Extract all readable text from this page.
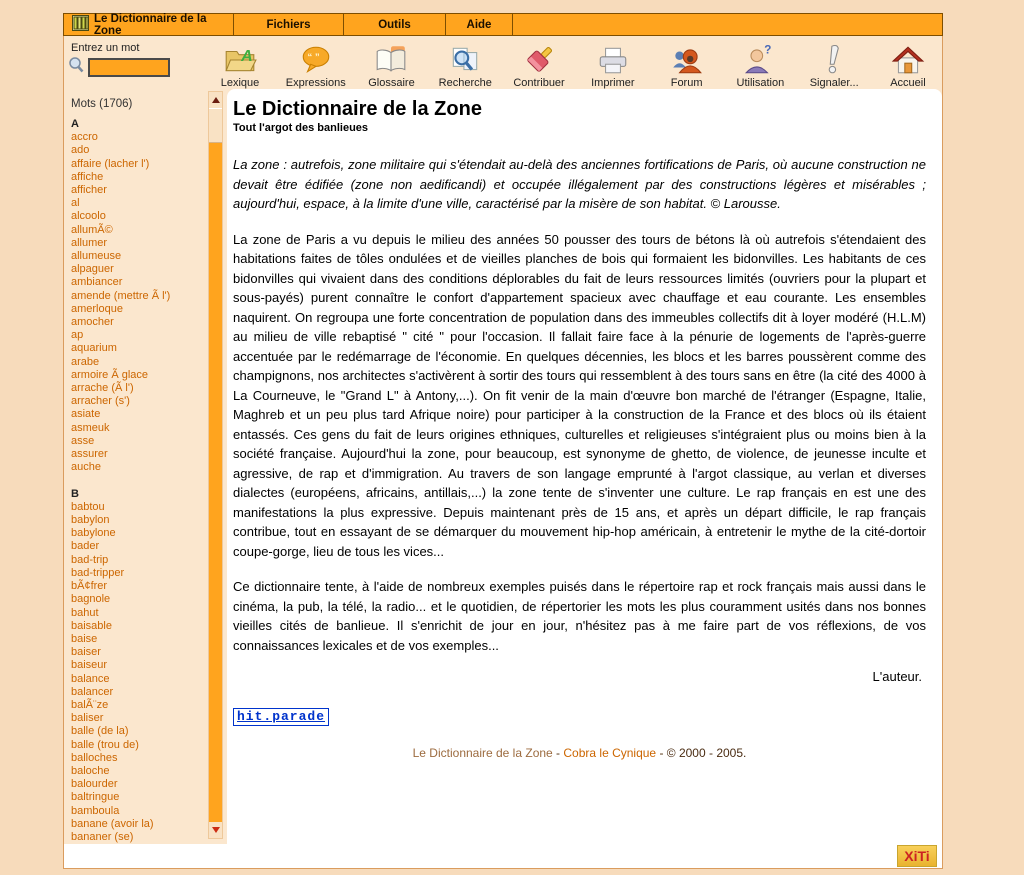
Le Dictionnaire de la Zone	Fichiers	Outils	Aide
Entrez un mot
Mots (1706)
A
accro
ado
affaire (lacher l')
affiche
afficher
al
alcoolo
allumÃ©
allumer
allumeuse
alpaguer
ambiancer
amende (mettre Ã l')
amerloque
amocher
ap
aquarium
arabe
armoire Ã glace
arrache (Ã l')
arracher (s')
asiate
asmeuk
asse
assurer
auche
B
babtou
babylon
babylone
bader
bad-trip
bad-tripper
bÃ¢frer
bagnole
bahut
baisable
baise
baiser
baiseur
balance
balancer
balÃ¨ze
baliser
balle (de la)
balle (trou de)
balloches
baloche
balourder
baltringue
bamboula
banane (avoir la)
bananer (se)
A
Lexique
“ ”
Expressions Glossaire Recherche Contribuer Imprimer	Forum
?
Utilisation Signaler...	Accueil
Le Dictionnaire de la Zone
Tout l'argot des banlieues

La zone : autrefois, zone militaire qui s'étendait au-delà des anciennes fortifications de Paris, où aucune construction ne devait être édifiée (zone non aedificandi) et occupée illégalement par des constructions légères et misérables ; aujourd'hui, espace, à la limite d'une ville, caractérisé par la misère de son habitat. © Larousse.

La zone de Paris a vu depuis le milieu des années 50 pousser des tours de bétons là où autrefois s'étendaient des habitations faites de tôles ondulées et de vieilles planches de bois qui formaient les bidonvilles. Les habitants de ces bidonvilles qui vivaient dans des conditions déplorables du fait de leurs ressources limités (ouvriers pour la plupart et sous-payés) purent connaître le confort d'appartement spacieux avec chauffage et eau courante. Les ensembles naquirent. On regroupa une forte concentration de population dans des immeubles collectifs dit à loyer modéré (H.L.M) au milieu de ville rebaptisé " cité " pour l'occasion. Il fallait faire face à la pénurie de logements de l'après-guerre accentuée par le redémarrage de l'économie. En quelques décennies, les blocs et les barres poussèrent comme des champignons, nos architectes s'activèrent à sortir des tours qui ressemblent à des tours sans en être (la cité des 4000 à La Courneuve, le "Grand L" à Antony,...). On fit venir de la main d'œuvre bon marché de l'étranger (Espagne, Italie, Maghreb et un peu plus tard Afrique noire) pour participer à la construction de la France et des blocs où ils étaient entassés. Ces gens du fait de leurs origines ethniques, culturelles et religieuses s'intégraient plus ou moins bien à la société française. Aujourd'hui la zone, pour beaucoup, est synonyme de ghetto, de violence, de jeunesse inculte et agressive, de rap et d'immigration. Au travers de son langage emprunté à l'argot classique, au verlan et diverses dialectes (européens, africains, antillais,...) la zone tente de s'inventer une culture. Le rap français en est une des manifestations la plus expressive. Depuis maintenant près de 15 ans, et après un départ difficile, le rap français contribue, tout en essayant de se démarquer du mouvement hip-hop américain, à entretenir le mythe de la cité-dortoir coupe-gorge, lieu de tous les vices...

Ce dictionnaire tente, à l'aide de nombreux exemples puisés dans le répertoire rap et rock français mais aussi dans le cinéma, la pub, la télé, la radio... et le quotidien, de répertorier les mots les plus couramment usités dans nos bonnes vieilles cités de banlieue. Il s'enrichit de jour en jour, n'hésitez pas à me faire part de vos réflexions, de vos connaissances lexicales et de vos exemples...

L'auteur.
hit.parade
Le Dictionnaire de la Zone - Cobra le Cynique - © 2000 - 2005.
XiTi
